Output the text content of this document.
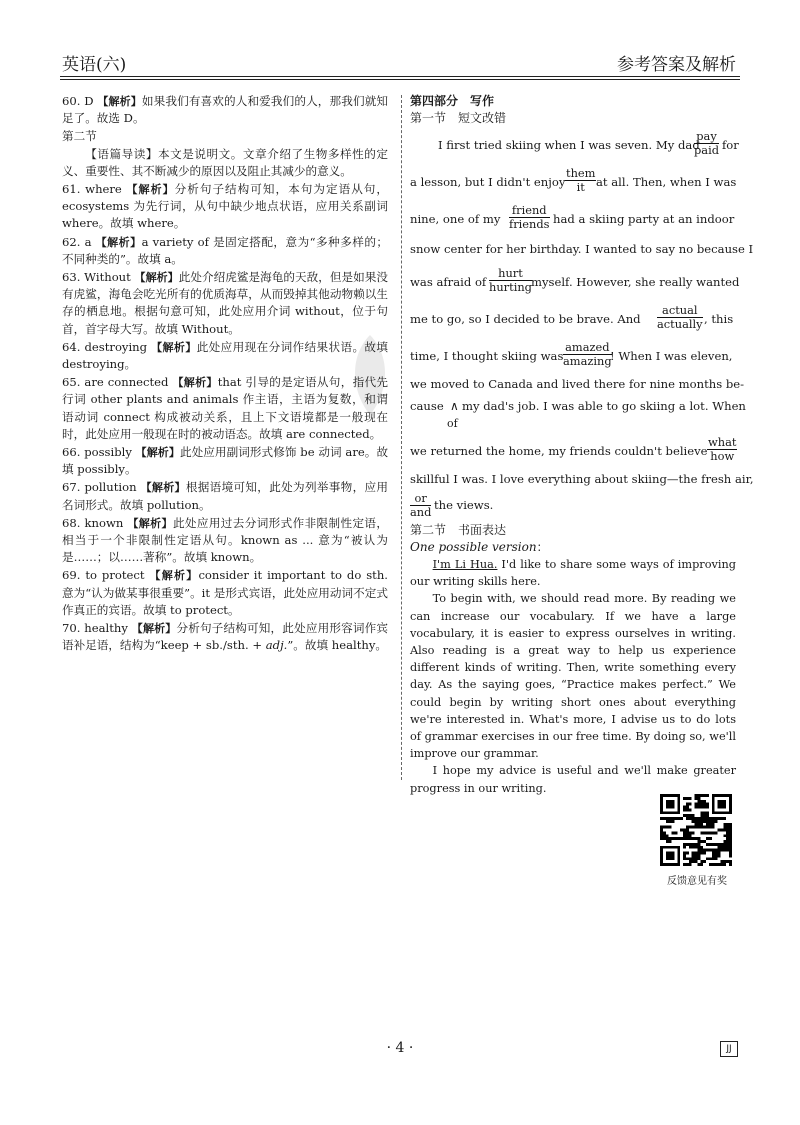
英语(六)	参考答案及解析
60. D 【解析】如果我们有喜欢的人和爱我们的人，那我们就知足了。故选 D。
第二节
【语篇导读】本文是说明文。文章介绍了生物多样性的定义、重要性、其不断减少的原因以及阻止其减少的意义。
61. where 【解析】分析句子结构可知，本句为定语从句，ecosystems 为先行词，从句中缺少地点状语，应用关系副词 where。故填 where。
62. a 【解析】a variety of 是固定搭配，意为“多种多样的；不同种类的”。故填 a。
63. Without 【解析】此处介绍虎鲨是海龟的天敌，但是如果没有虎鲨，海龟会吃光所有的优质海草，从而毁掉其他动物赖以生存的栖息地。根据句意可知，此处应用介词 without，位于句首，首字母大写。故填 Without。
64. destroying 【解析】此处应用现在分词作结果状语。故填 destroying。
65. are connected 【解析】that 引导的是定语从句，指代先行词 other plants and animals 作主语，主语为复数，和谓语动词 connect 构成被动关系，且上下文语境都是一般现在时，此处应用一般现在时的被动语态。故填 are connected。
66. possibly 【解析】此处应用副词形式修饰 be 动词 are。故填 possibly。
67. pollution 【解析】根据语境可知，此处为列举事物，应用名词形式。故填 pollution。
68. known 【解析】此处应用过去分词形式作非限制性定语，相当于一个非限制性定语从句。known as ... 意为“被认为是……；以……著称”。故填 known。
69. to protect 【解析】consider it important to do sth. 意为“认为做某事很重要”。it 是形式宾语，此处应用动词不定式作真正的宾语。故填 to protect。
70. healthy 【解析】分析句子结构可知，此处应用形容词作宾语补足语，结构为“keep + sb./sth. + adj.”。故填 healthy。
第四部分　写作
第一节　短文改错
I first tried skiing when I was seven. My dad
pay
paid for
a lesson, but I didn't enjoy
them
it at all. Then, when I was
nine, one of my
friend
friends had a skiing party at an indoor
snow center for her birthday. I wanted to say no because I
was afraid of
hurt
hurting myself. However, she really wanted
me to go, so I decided to be brave. And
actual
actually , this
time, I thought skiing was
amazed
amazing
! When I was eleven,
we moved to Canada and lived there for nine months be-
cause ∧ my dad's job. I was able to go skiing a lot. When
of
we returned the home, my friends couldn't believe
what
how
skillful I was. I love everything about skiing—the fresh air,
or
and the views.
第二节　书面表达
One possible version：

I'm Li Hua. I'd like to share some ways of improving our writing skills here.

To begin with, we should read more. By reading we can increase our vocabulary. If we have a large vocabulary, it is easier to express ourselves in writing. Also reading is a great way to help us experience different kinds of writing. Then, write something every day. As the saying goes, “Practice makes perfect.” We could begin by writing short ones about everything we're interested in. What's more, I advise us to do lots of grammar exercises in our free time. By doing so, we'll improve our grammar.

I hope my advice is useful and we'll make greater progress in our writing.

反馈意见有奖
· 4 ·	JJ
